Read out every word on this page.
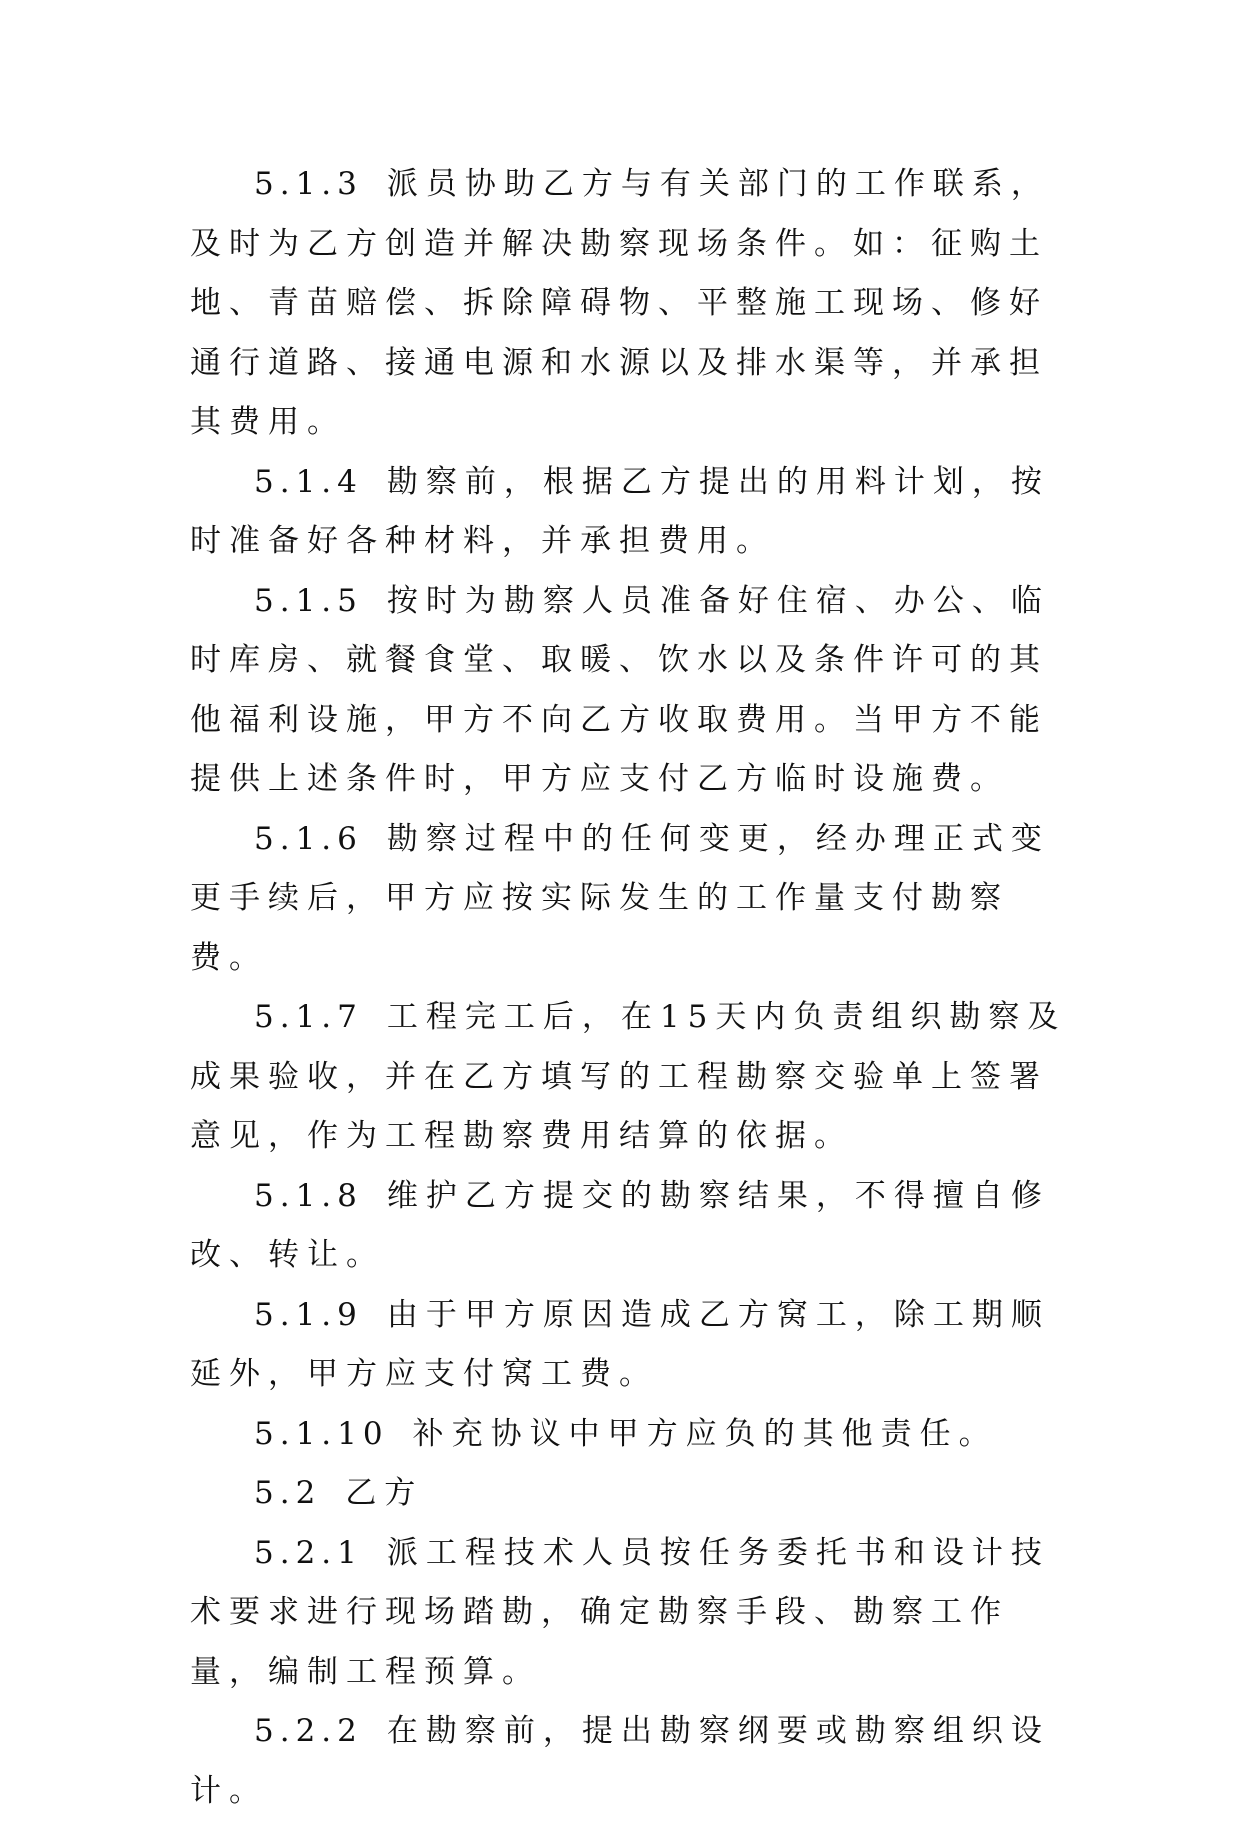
5.1.3 派员协助乙方与有关部门的工作联系，及时为乙方创造并解决勘察现场条件。如：征购土地、青苗赔偿、拆除障碍物、平整施工现场、修好通行道路、接通电源和水源以及排水渠等，并承担其费用。

5.1.4 勘察前，根据乙方提出的用料计划，按时准备好各种材料，并承担费用。

5.1.5 按时为勘察人员准备好住宿、办公、临时库房、就餐食堂、取暖、饮水以及条件许可的其他福利设施，甲方不向乙方收取费用。当甲方不能提供上述条件时，甲方应支付乙方临时设施费。

5.1.6 勘察过程中的任何变更，经办理正式变更手续后，甲方应按实际发生的工作量支付勘察费。

5.1.7 工程完工后，在15天内负责组织勘察及成果验收，并在乙方填写的工程勘察交验单上签署意见，作为工程勘察费用结算的依据。

5.1.8 维护乙方提交的勘察结果，不得擅自修改、转让。

5.1.9 由于甲方原因造成乙方窝工，除工期顺延外，甲方应支付窝工费。

5.1.10 补充协议中甲方应负的其他责任。

5.2 乙方

5.2.1 派工程技术人员按任务委托书和设计技术要求进行现场踏勘，确定勘察手段、勘察工作量，编制工程预算。

5.2.2 在勘察前，提出勘察纲要或勘察组织设计。
